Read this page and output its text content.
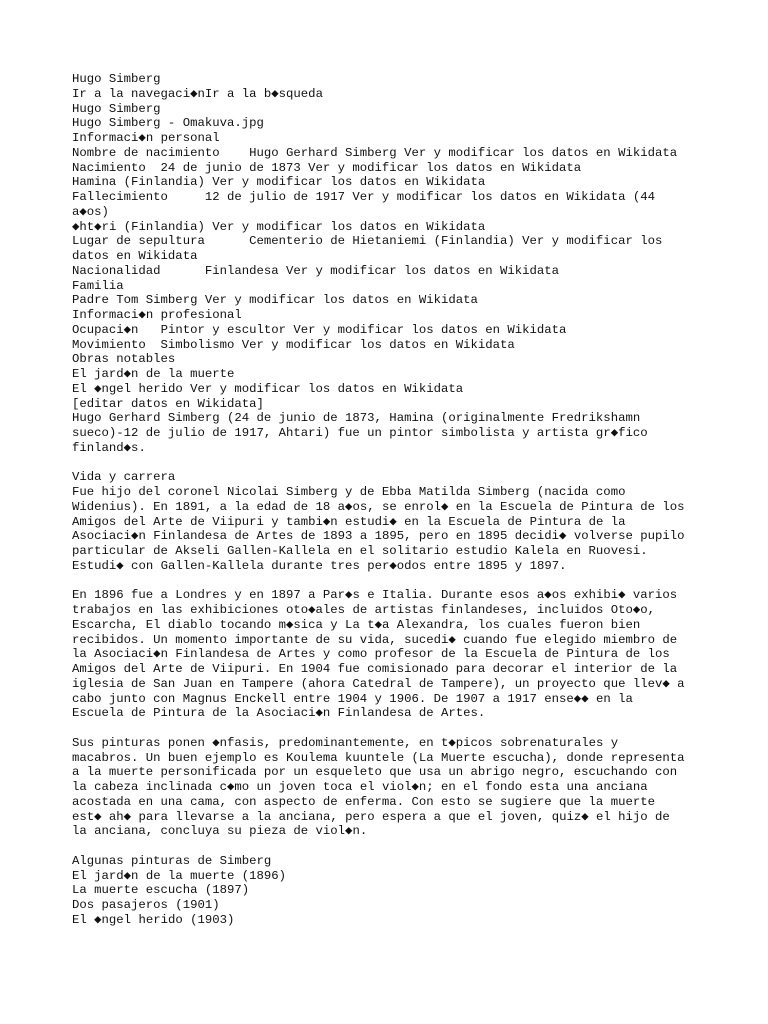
Hugo Simberg
Ir a la navegaci◆nIr a la b◆squeda
Hugo Simberg
Hugo Simberg - Omakuva.jpg
Informaci◆n personal
Nombre de nacimiento    Hugo Gerhard Simberg Ver y modificar los datos en Wikidata
Nacimiento  24 de junio de 1873 Ver y modificar los datos en Wikidata
Hamina (Finlandia) Ver y modificar los datos en Wikidata
Fallecimiento     12 de julio de 1917 Ver y modificar los datos en Wikidata (44
a◆os)
◆ht◆ri (Finlandia) Ver y modificar los datos en Wikidata
Lugar de sepultura      Cementerio de Hietaniemi (Finlandia) Ver y modificar los
datos en Wikidata
Nacionalidad      Finlandesa Ver y modificar los datos en Wikidata
Familia
Padre Tom Simberg Ver y modificar los datos en Wikidata
Informaci◆n profesional
Ocupaci◆n   Pintor y escultor Ver y modificar los datos en Wikidata
Movimiento  Simbolismo Ver y modificar los datos en Wikidata
Obras notables
El jard◆n de la muerte
El ◆ngel herido Ver y modificar los datos en Wikidata
[editar datos en Wikidata]
Hugo Gerhard Simberg (24 de junio de 1873, Hamina (originalmente Fredrikshamn
sueco)-12 de julio de 1917, Ahtari) fue un pintor simbolista y artista gr◆fico
finland◆s.
Vida y carrera
Fue hijo del coronel Nicolai Simberg y de Ebba Matilda Simberg (nacida como
Widenius). En 1891, a la edad de 18 a◆os, se enrol◆ en la Escuela de Pintura de los
Amigos del Arte de Viipuri y tambi◆n estudi◆ en la Escuela de Pintura de la
Asociaci◆n Finlandesa de Artes de 1893 a 1895, pero en 1895 decidi◆ volverse pupilo
particular de Akseli Gallen-Kallela en el solitario estudio Kalela en Ruovesi.
Estudi◆ con Gallen-Kallela durante tres per◆odos entre 1895 y 1897.
En 1896 fue a Londres y en 1897 a Par◆s e Italia. Durante esos a◆os exhibi◆ varios
trabajos en las exhibiciones oto◆ales de artistas finlandeses, incluidos Oto◆o,
Escarcha, El diablo tocando m◆sica y La t◆a Alexandra, los cuales fueron bien
recibidos. Un momento importante de su vida, sucedi◆ cuando fue elegido miembro de
la Asociaci◆n Finlandesa de Artes y como profesor de la Escuela de Pintura de los
Amigos del Arte de Viipuri. En 1904 fue comisionado para decorar el interior de la
iglesia de San Juan en Tampere (ahora Catedral de Tampere), un proyecto que llev◆ a
cabo junto con Magnus Enckell entre 1904 y 1906. De 1907 a 1917 ense◆◆ en la
Escuela de Pintura de la Asociaci◆n Finlandesa de Artes.
Sus pinturas ponen ◆nfasis, predominantemente, en t◆picos sobrenaturales y
macabros. Un buen ejemplo es Koulema kuuntele (La Muerte escucha), donde representa
a la muerte personificada por un esqueleto que usa un abrigo negro, escuchando con
la cabeza inclinada c◆mo un joven toca el viol◆n; en el fondo esta una anciana
acostada en una cama, con aspecto de enferma. Con esto se sugiere que la muerte
est◆ ah◆ para llevarse a la anciana, pero espera a que el joven, quiz◆ el hijo de
la anciana, concluya su pieza de viol◆n.
Algunas pinturas de Simberg
El jard◆n de la muerte (1896)
La muerte escucha (1897)
Dos pasajeros (1901)
El ◆ngel herido (1903)
